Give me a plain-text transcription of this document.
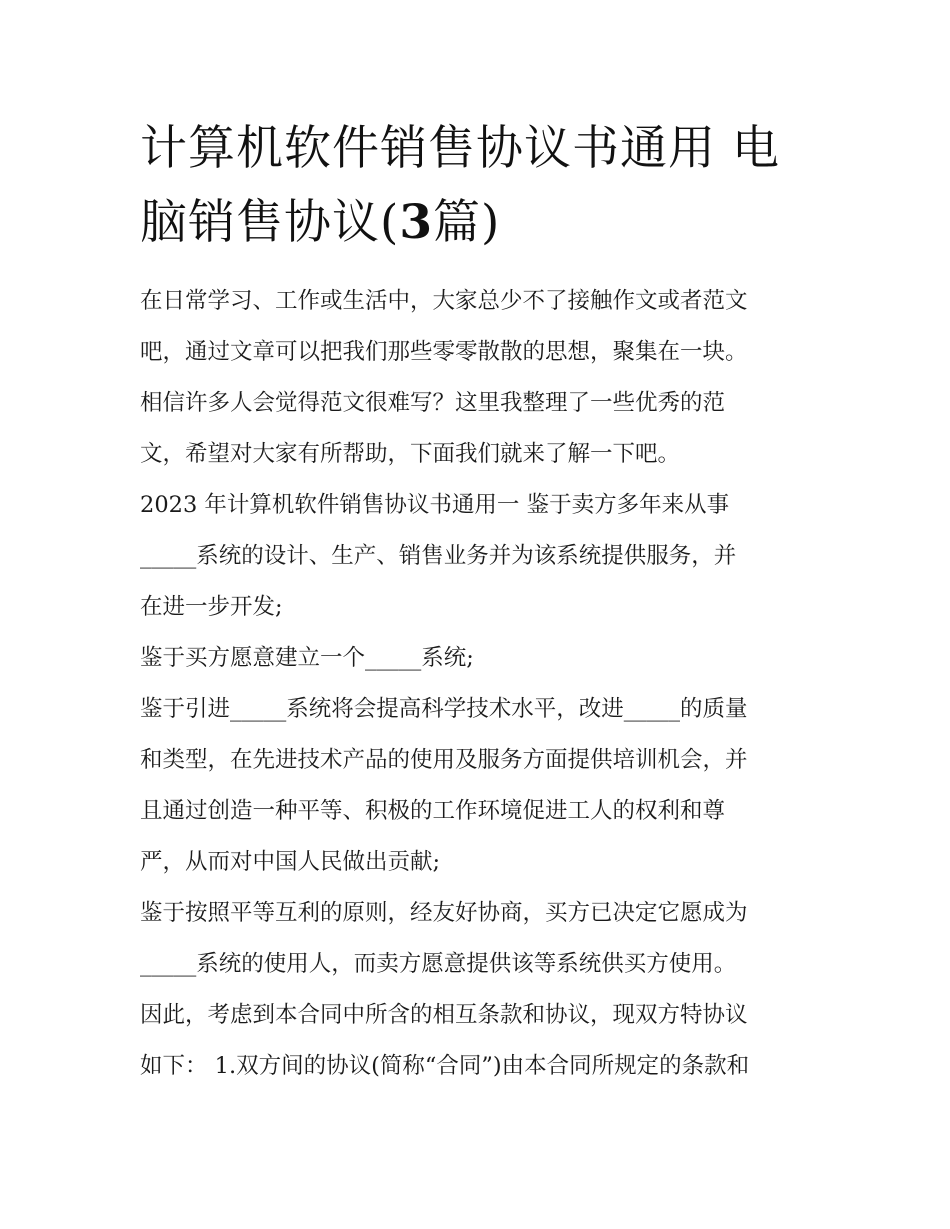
计算机软件销售协议书通用 电
脑销售协议(3篇)
在日常学习、工作或生活中，大家总少不了接触作文或者范文
吧，通过文章可以把我们那些零零散散的思想，聚集在一块。
相信许多人会觉得范文很难写？这里我整理了一些优秀的范
文，希望对大家有所帮助，下面我们就来了解一下吧。
2023 年计算机软件销售协议书通用一 鉴于卖方多年来从事
_____系统的设计、生产、销售业务并为该系统提供服务，并
在进一步开发;
鉴于买方愿意建立一个_____系统;
鉴于引进_____系统将会提高科学技术水平，改进_____的质量
和类型，在先进技术产品的使用及服务方面提供培训机会，并
且通过创造一种平等、积极的工作环境促进工人的权利和尊
严，从而对中国人民做出贡献;
鉴于按照平等互利的原则，经友好协商，买方已决定它愿成为
_____系统的使用人，而卖方愿意提供该等系统供买方使用。
因此，考虑到本合同中所含的相互条款和协议，现双方特协议
如下： 1.双方间的协议(简称“合同”)由本合同所规定的条款和
